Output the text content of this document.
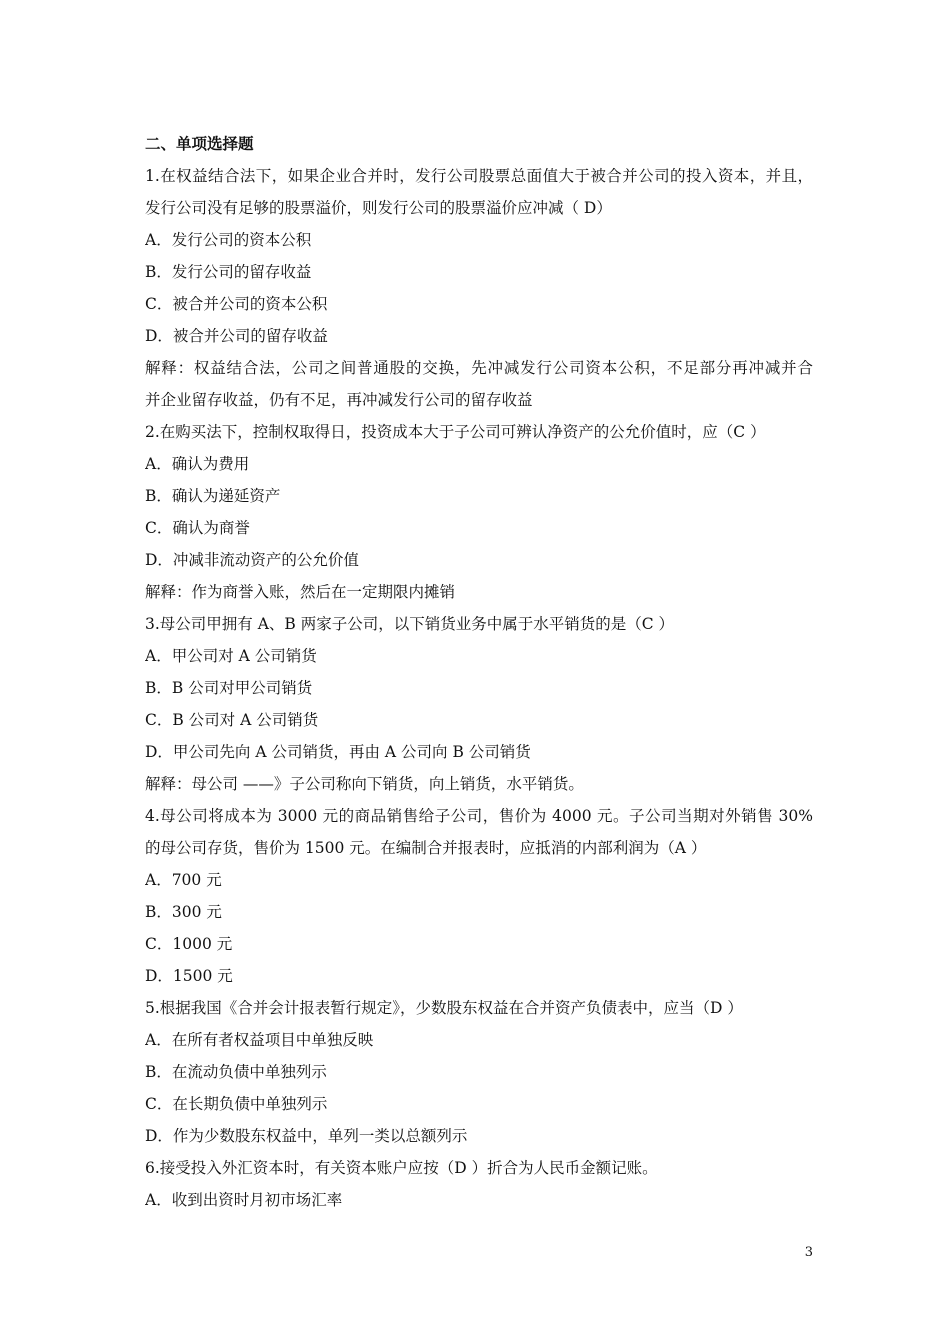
二、单项选择题
1.在权益结合法下，如果企业合并时，发行公司股票总面值大于被合并公司的投入资本，并且，
发行公司没有足够的股票溢价，则发行公司的股票溢价应冲减（ D）
A．发行公司的资本公积
B．发行公司的留存收益
C．被合并公司的资本公积
D．被合并公司的留存收益
解释：权益结合法，公司之间普通股的交换，先冲减发行公司资本公积，不足部分再冲减并合
并企业留存收益，仍有不足，再冲减发行公司的留存收益
2.在购买法下，控制权取得日，投资成本大于子公司可辨认净资产的公允价值时，应（C ）
A．确认为费用
B．确认为递延资产
C．确认为商誉
D．冲减非流动资产的公允价值
解释：作为商誉入账，然后在一定期限内摊销
3.母公司甲拥有 A、B 两家子公司，以下销货业务中属于水平销货的是（C ）
A．甲公司对 A 公司销货
B．B 公司对甲公司销货
C．B 公司对 A 公司销货
D．甲公司先向 A 公司销货，再由 A 公司向 B 公司销货
解释：母公司 ——》子公司称向下销货，向上销货，水平销货。
4.母公司将成本为 3000 元的商品销售给子公司，售价为 4000 元。子公司当期对外销售 30%
的母公司存货，售价为 1500 元。在编制合并报表时，应抵消的内部利润为（A ）
A．700 元
B．300 元
C．1000 元
D．1500 元
5.根据我国《合并会计报表暂行规定》，少数股东权益在合并资产负债表中，应当（D ）
A．在所有者权益项目中单独反映
B．在流动负债中单独列示
C．在长期负债中单独列示
D．作为少数股东权益中，单列一类以总额列示
6.接受投入外汇资本时，有关资本账户应按（D ）折合为人民币金额记账。
A．收到出资时月初市场汇率
3
